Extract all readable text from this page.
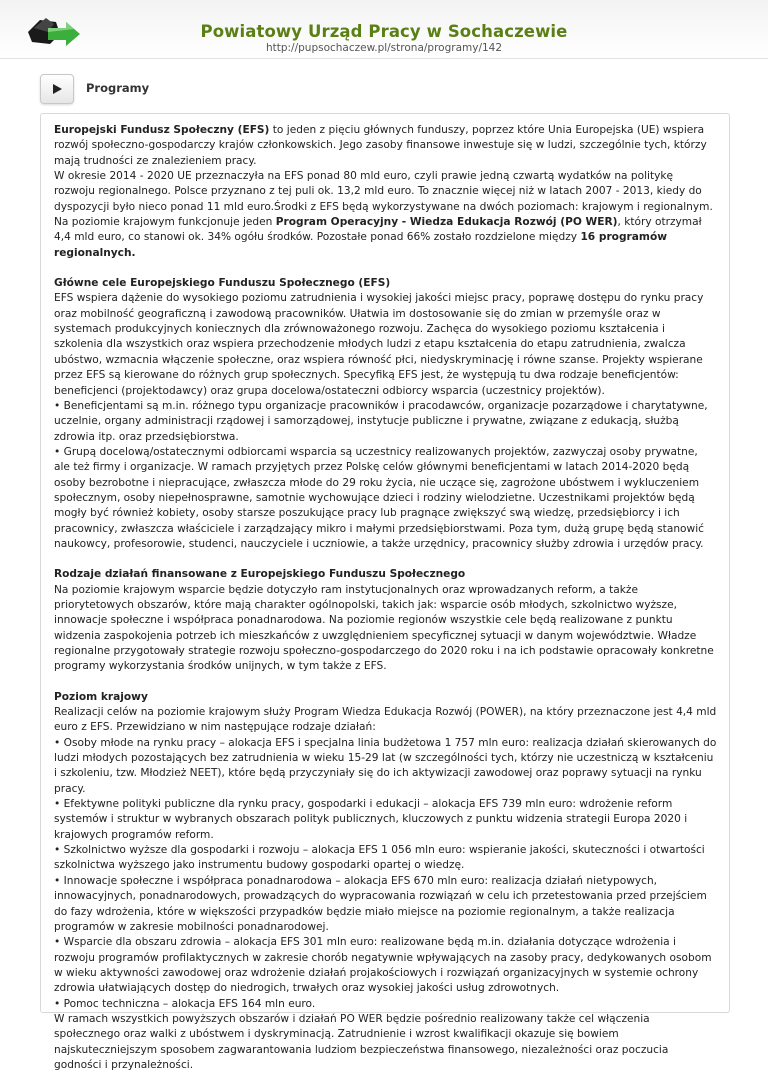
Powiatowy Urząd Pracy w Sochaczewie
http://pupsochaczew.pl/strona/programy/142
Programy

Europejski Fundusz Społeczny (EFS) to jeden z pięciu głównych funduszy, poprzez które Unia Europejska (UE) wspiera rozwój społeczno-gospodarczy krajów członkowskich. Jego zasoby finansowe inwestuje się w ludzi, szczególnie tych, którzy mają trudności ze znalezieniem pracy.

W okresie 2014 - 2020 UE przeznaczyła na EFS ponad 80 mld euro, czyli prawie jedną czwartą wydatków na politykę rozwoju regionalnego. Polsce przyznano z tej puli ok. 13,2 mld euro. To znacznie więcej niż w latach 2007 - 2013, kiedy do dyspozycji było nieco ponad 11 mld euro.Środki z EFS będą wykorzystywane na dwóch poziomach: krajowym i regionalnym. Na poziomie krajowym funkcjonuje jeden Program Operacyjny - Wiedza Edukacja Rozwój (PO WER), który otrzymał 4,4 mld euro, co stanowi ok. 34% ogółu środków. Pozostałe ponad 66% zostało rozdzielone między 16 programów regionalnych.

Główne cele Europejskiego Funduszu Społecznego (EFS)

EFS wspiera dążenie do wysokiego poziomu zatrudnienia i wysokiej jakości miejsc pracy, poprawę dostępu do rynku pracy oraz mobilność geograficzną i zawodową pracowników. Ułatwia im dostosowanie się do zmian w przemyśle oraz w systemach produkcyjnych koniecznych dla zrównoważonego rozwoju. Zachęca do wysokiego poziomu kształcenia i szkolenia dla wszystkich oraz wspiera przechodzenie młodych ludzi z etapu kształcenia do etapu zatrudnienia, zwalcza ubóstwo, wzmacnia włączenie społeczne, oraz wspiera równość płci, niedyskryminację i równe szanse. Projekty wspierane przez EFS są kierowane do różnych grup społecznych. Specyfiką EFS jest, że występują tu dwa rodzaje beneficjentów: beneficjenci (projektodawcy) oraz grupa docelowa/ostateczni odbiorcy wsparcia (uczestnicy projektów).

• Beneficjentami są m.in. różnego typu organizacje pracowników i pracodawców, organizacje pozarządowe i charytatywne, uczelnie, organy administracji rządowej i samorządowej, instytucje publiczne i prywatne, związane z edukacją, służbą zdrowia itp. oraz przedsiębiorstwa.

• Grupą docelową/ostatecznymi odbiorcami wsparcia są uczestnicy realizowanych projektów, zazwyczaj osoby prywatne, ale też firmy i organizacje. W ramach przyjętych przez Polskę celów głównymi beneficjentami w latach 2014-2020 będą osoby bezrobotne i niepracujące, zwłaszcza młode do 29 roku życia, nie uczące się, zagrożone ubóstwem i wykluczeniem społecznym, osoby niepełnosprawne, samotnie wychowujące dzieci i rodziny wielodzietne. Uczestnikami projektów będą mogły być również kobiety, osoby starsze poszukujące pracy lub pragnące zwiększyć swą wiedzę, przedsiębiorcy i ich pracownicy, zwłaszcza właściciele i zarządzający mikro i małymi przedsiębiorstwami. Poza tym, dużą grupę będą stanowić naukowcy, profesorowie, studenci, nauczyciele i uczniowie, a także urzędnicy, pracownicy służby zdrowia i urzędów pracy.

Rodzaje działań finansowane z Europejskiego Funduszu Społecznego

Na poziomie krajowym wsparcie będzie dotyczyło ram instytucjonalnych oraz wprowadzanych reform, a także priorytetowych obszarów, które mają charakter ogólnopolski, takich jak: wsparcie osób młodych, szkolnictwo wyższe, innowacje społeczne i współpraca ponadnarodowa. Na poziomie regionów wszystkie cele będą realizowane z punktu widzenia zaspokojenia potrzeb ich mieszkańców z uwzględnieniem specyficznej sytuacji w danym województwie. Władze regionalne przygotowały strategie rozwoju społeczno-gospodarczego do 2020 roku i na ich podstawie opracowały konkretne programy wykorzystania środków unijnych, w tym także z EFS.

Poziom krajowy

Realizacji celów na poziomie krajowym służy Program Wiedza Edukacja Rozwój (POWER), na który przeznaczone jest 4,4 mld euro z EFS. Przewidziano w nim następujące rodzaje działań:

• Osoby młode na rynku pracy – alokacja EFS i specjalna linia budżetowa 1 757 mln euro: realizacja działań skierowanych do ludzi młodych pozostających bez zatrudnienia w wieku 15-29 lat (w szczególności tych, którzy nie uczestniczą w kształceniu i szkoleniu, tzw. Młodzież NEET), które będą przyczyniały się do ich aktywizacji zawodowej oraz poprawy sytuacji na rynku pracy.

• Efektywne polityki publiczne dla rynku pracy, gospodarki i edukacji – alokacja EFS 739 mln euro: wdrożenie reform systemów i struktur w wybranych obszarach polityk publicznych, kluczowych z punktu widzenia strategii Europa 2020 i krajowych programów reform.

• Szkolnictwo wyższe dla gospodarki i rozwoju – alokacja EFS 1 056 mln euro: wspieranie jakości, skuteczności i otwartości szkolnictwa wyższego jako instrumentu budowy gospodarki opartej o wiedzę.

• Innowacje społeczne i współpraca ponadnarodowa – alokacja EFS 670 mln euro: realizacja działań nietypowych, innowacyjnych, ponadnarodowych, prowadzących do wypracowania rozwiązań w celu ich przetestowania przed przejściem do fazy wdrożenia, które w większości przypadków będzie miało miejsce na poziomie regionalnym, a także realizacja programów w zakresie mobilności ponadnarodowej.

• Wsparcie dla obszaru zdrowia – alokacja EFS 301 mln euro: realizowane będą m.in. działania dotyczące wdrożenia i rozwoju programów profilaktycznych w zakresie chorób negatywnie wpływających na zasoby pracy, dedykowanych osobom w wieku aktywności zawodowej oraz wdrożenie działań projakościowych i rozwiązań organizacyjnych w systemie ochrony zdrowia ułatwiających dostęp do niedrogich, trwałych oraz wysokiej jakości usług zdrowotnych.

• Pomoc techniczna – alokacja EFS 164 mln euro.

W ramach wszystkich powyższych obszarów i działań PO WER będzie pośrednio realizowany także cel włączenia społecznego oraz walki z ubóstwem i dyskryminacją. Zatrudnienie i wzrost kwalifikacji okazuje się bowiem najskuteczniejszym sposobem zagwarantowania ludziom bezpieczeństwa finansowego, niezależności oraz poczucia godności i przynależności.
